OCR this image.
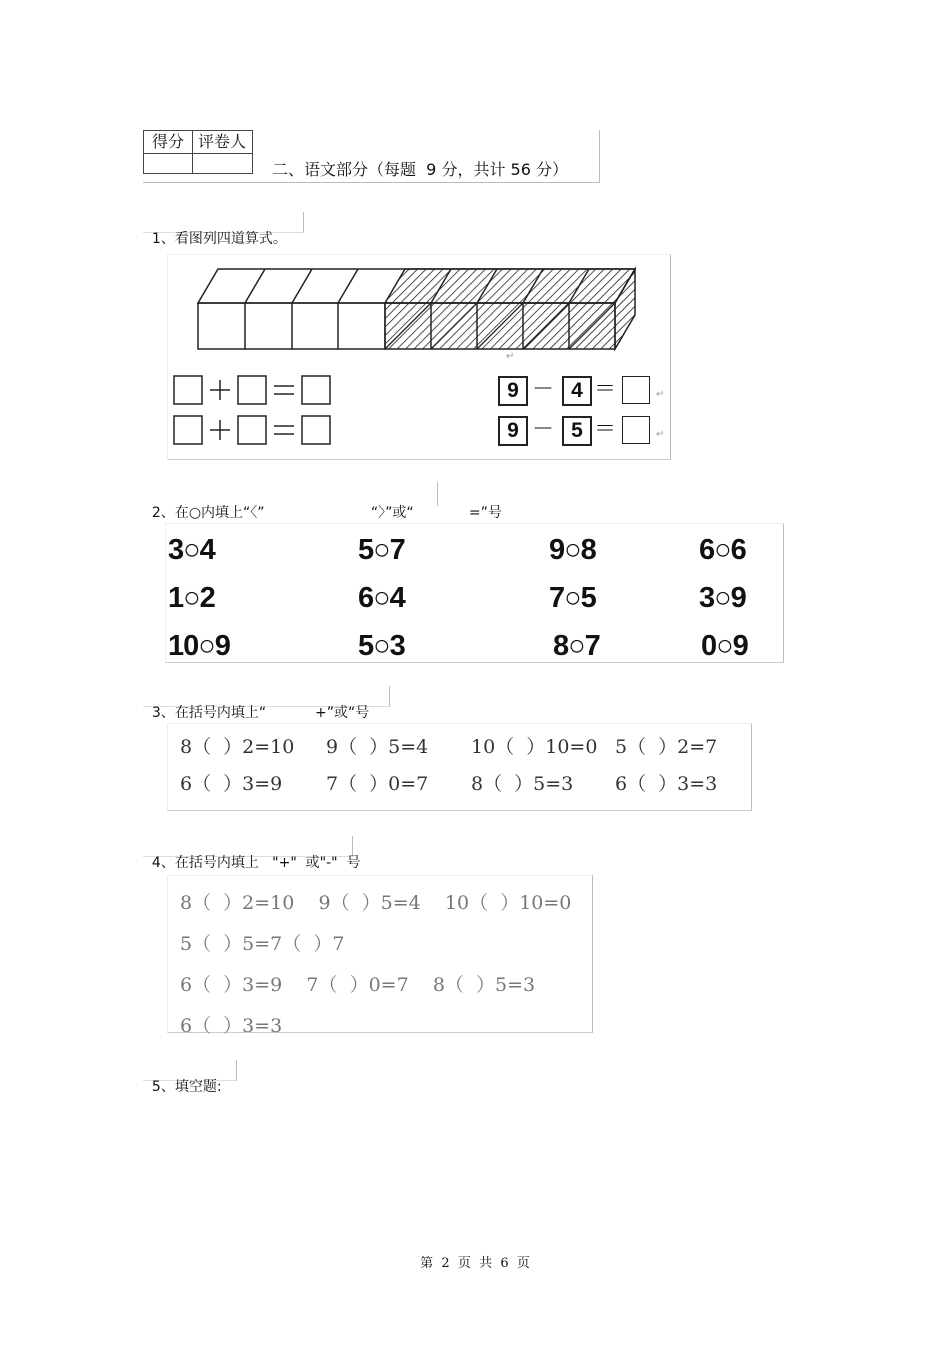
得分 评卷人
二、语文部分（每题  9 分，共计 56 分）

1、看图列四道算式。

9 － 4 ＝	↵
9 － 5 ＝	↵
↵

2、在○内填上“〈”	“〉”或“	=”号

3○4	5○7	9○8	6○6
1○2	6○4	7○5	3○9
10○9	5○3	8○7	0○9

3、在括号内填上“           +”或“号

8（  ）2=10 9（  ）5=4 10（  ）10=0 5（  ）2=7
6（  ）3=9 7（  ）0=7 8（  ）5=3 6（  ）3=3

4、在括号内填上   "+"  或"-"  号

8（  ）2=10    9（  ）5=4    10（  ）10=0
5（  ）5=7（  ）7
6（  ）3=9    7（  ）0=7    8（  ）5=3
6（  ）3=3

5、填空题:

第  2  页  共  6  页
